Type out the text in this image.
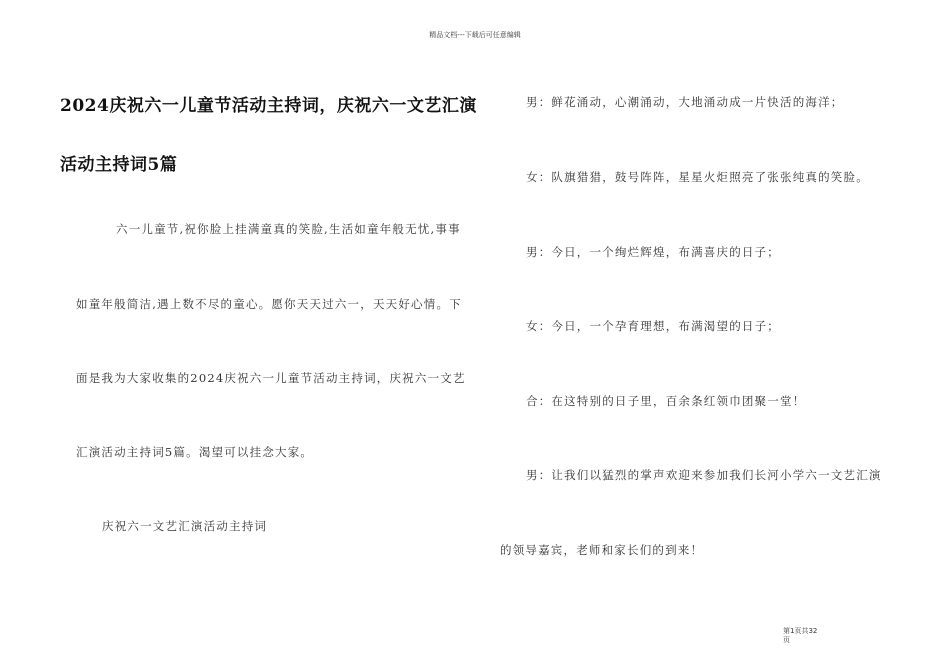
精品文档---下载后可任意编辑
2024庆祝六一儿童节活动主持词，庆祝六一文艺汇演
活动主持词5篇
六一儿童节,祝你脸上挂满童真的笑脸,生活如童年般无忧,事事
如童年般简洁,遇上数不尽的童心。愿你天天过六一，天天好心情。下
面是我为大家收集的2024庆祝六一儿童节活动主持词，庆祝六一文艺
汇演活动主持词5篇。渴望可以挂念大家。
庆祝六一文艺汇演活动主持词
男：鲜花涌动，心潮涌动，大地涌动成一片快活的海洋；
女：队旗猎猎，鼓号阵阵，星星火炬照亮了张张纯真的笑脸。
男：今日，一个绚烂辉煌，布满喜庆的日子；
女：今日，一个孕育理想，布满渴望的日子；
合：在这特别的日子里，百余条红领巾团聚一堂！
男：让我们以猛烈的掌声欢迎来参加我们长河小学六一文艺汇演
的领导嘉宾，老师和家长们的到来！
第1页共32页
